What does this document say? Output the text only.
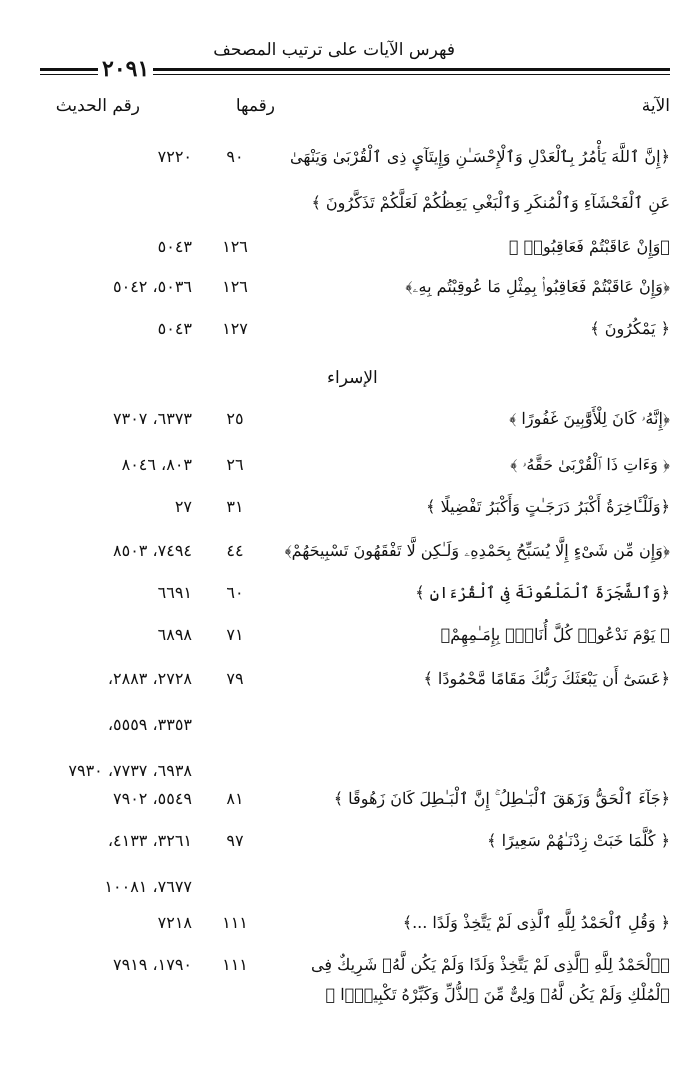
فهرس الآيات على ترتيب المصحف
٢٠٩١
الآية
رقمها
رقم الحديث
﴿إِنَّ ٱللَّهَ يَأْمُرُ بِٱلْعَدْلِ وَٱلْإِحْسَـٰنِ وَإِيتَآيِٕ ذِى ٱلْقُرْبَىٰ وَيَنْهَىٰ عَنِ ٱلْفَحْشَآءِ وَٱلْمُنكَرِ وَٱلْبَغْىِ يَعِظُكُمْ لَعَلَّكُمْ تَذَكَّرُونَ ﴾
٩٠
٧٢٢٠
﴿وَإِنْ عَاقَبْتُمْ فَعَاقِبُوا۟ ﴾
١٢٦
٥٠٤٣
﴿وَإِنْ عَاقَبْتُمْ فَعَاقِبُوا۟ بِمِثْلِ مَا عُوقِبْتُم بِهِۦ﴾
١٢٦
٥٠٣٦، ٥٠٤٢
﴿ يَمْكُرُونَ ﴾
١٢٧
٥٠٤٣
الإسراء
﴿إِنَّهُۥ كَانَ لِلْأَوَّٰبِينَ غَفُورًا ﴾
٢٥
٦٣٧٣، ٧٣٠٧
﴿ وَءَاتِ ذَا ٱلْقُرْبَىٰ حَقَّهُۥ ﴾
٢٦
٨٠٣، ٨٠٤٦
﴿وَلَلْـَٔاخِرَةُ أَكْبَرُ دَرَجَـٰتٍ وَأَكْبَرُ تَفْضِيلًا ﴾
٣١
٢٧
﴿وَإِن مِّن شَىْءٍ إِلَّا يُسَبِّحُ بِحَمْدِهِۦ وَلَـٰكِن لَّا تَفْقَهُونَ تَسْبِيحَهُمْ﴾
٤٤
٧٤٩٤، ٨٥٠٣
﴿وَٱلشَّجَرَةَ ٱلْمَلْعُونَةَ فِى ٱلْقُرْءَانِ ﴾
٦٠
٦٦٩١
﴿ يَوْمَ نَدْعُوا۟ كُلَّ أُنَاسٍۭ بِإِمَـٰمِهِمْ﴾
٧١
٦٨٩٨
﴿عَسَىٰٓ أَن يَبْعَثَكَ رَبُّكَ مَقَامًا مَّحْمُودًا ﴾
٧٩
٢٧٢٨، ٢٨٨٣،
٣٣٥٣، ٥٥٥٩،
٦٩٣٨، ٧٧٣٧، ٧٩٣٠
﴿جَآءَ ٱلْحَقُّ وَزَهَقَ ٱلْبَـٰطِلُ ۚ إِنَّ ٱلْبَـٰطِلَ كَانَ زَهُوقًا ﴾
٨١
٥٥٤٩، ٧٩٠٢
﴿ كُلَّمَا خَبَتْ زِدْنَـٰهُمْ سَعِيرًا ﴾
٩٧
٣٢٦١، ٤١٣٣،
٧٦٧٧، ١٠٠٨١
﴿ وَقُلِ ٱلْحَمْدُ لِلَّهِ ٱلَّذِى لَمْ يَتَّخِذْ وَلَدًا ...﴾
١١١
٧٢١٨
﴿ٱلْحَمْدُ لِلَّهِ ٱلَّذِى لَمْ يَتَّخِذْ وَلَدًا وَلَمْ يَكُن لَّهُۥ شَرِيكٌ فِى ٱلْمُلْكِ وَلَمْ يَكُن لَّهُۥ وَلِىٌّ مِّنَ ٱلذُّلِّ وَكَبِّرْهُ تَكْبِيرًۢا ﴾
١١١
١٧٩٠، ٧٩١٩
